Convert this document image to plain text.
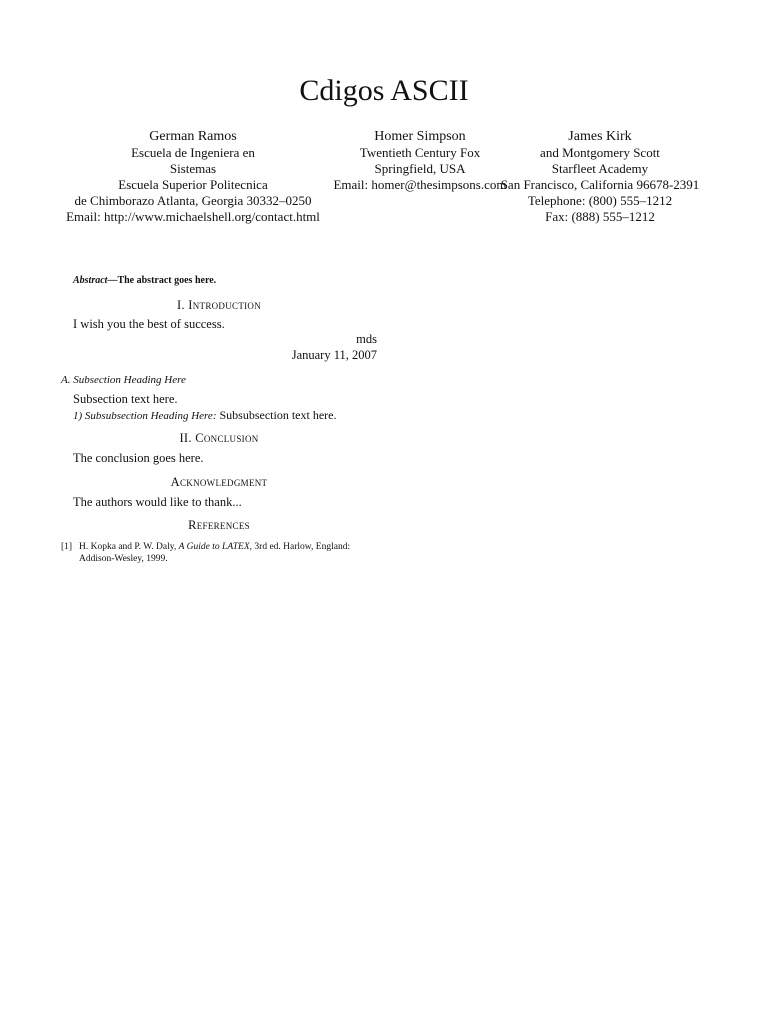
Cdigos ASCII
German Ramos
Escuela de Ingeniera en
Sistemas
Escuela Superior Politecnica
de Chimborazo Atlanta, Georgia 30332–0250
Email: http://www.michaelshell.org/contact.html
Homer Simpson
Twentieth Century Fox
Springfield, USA
Email: homer@thesimpsons.com
James Kirk
and Montgomery Scott
Starfleet Academy
San Francisco, California 96678-2391
Telephone: (800) 555–1212
Fax: (888) 555–1212
Abstract—The abstract goes here.
I. Introduction
I wish you the best of success.
mds
January 11, 2007
A. Subsection Heading Here
Subsection text here.
1) Subsubsection Heading Here: Subsubsection text here.
II. Conclusion
The conclusion goes here.
Acknowledgment
The authors would like to thank...
References
[1] H. Kopka and P. W. Daly, A Guide to LATEX, 3rd ed. Harlow, England:
Addison-Wesley, 1999.
